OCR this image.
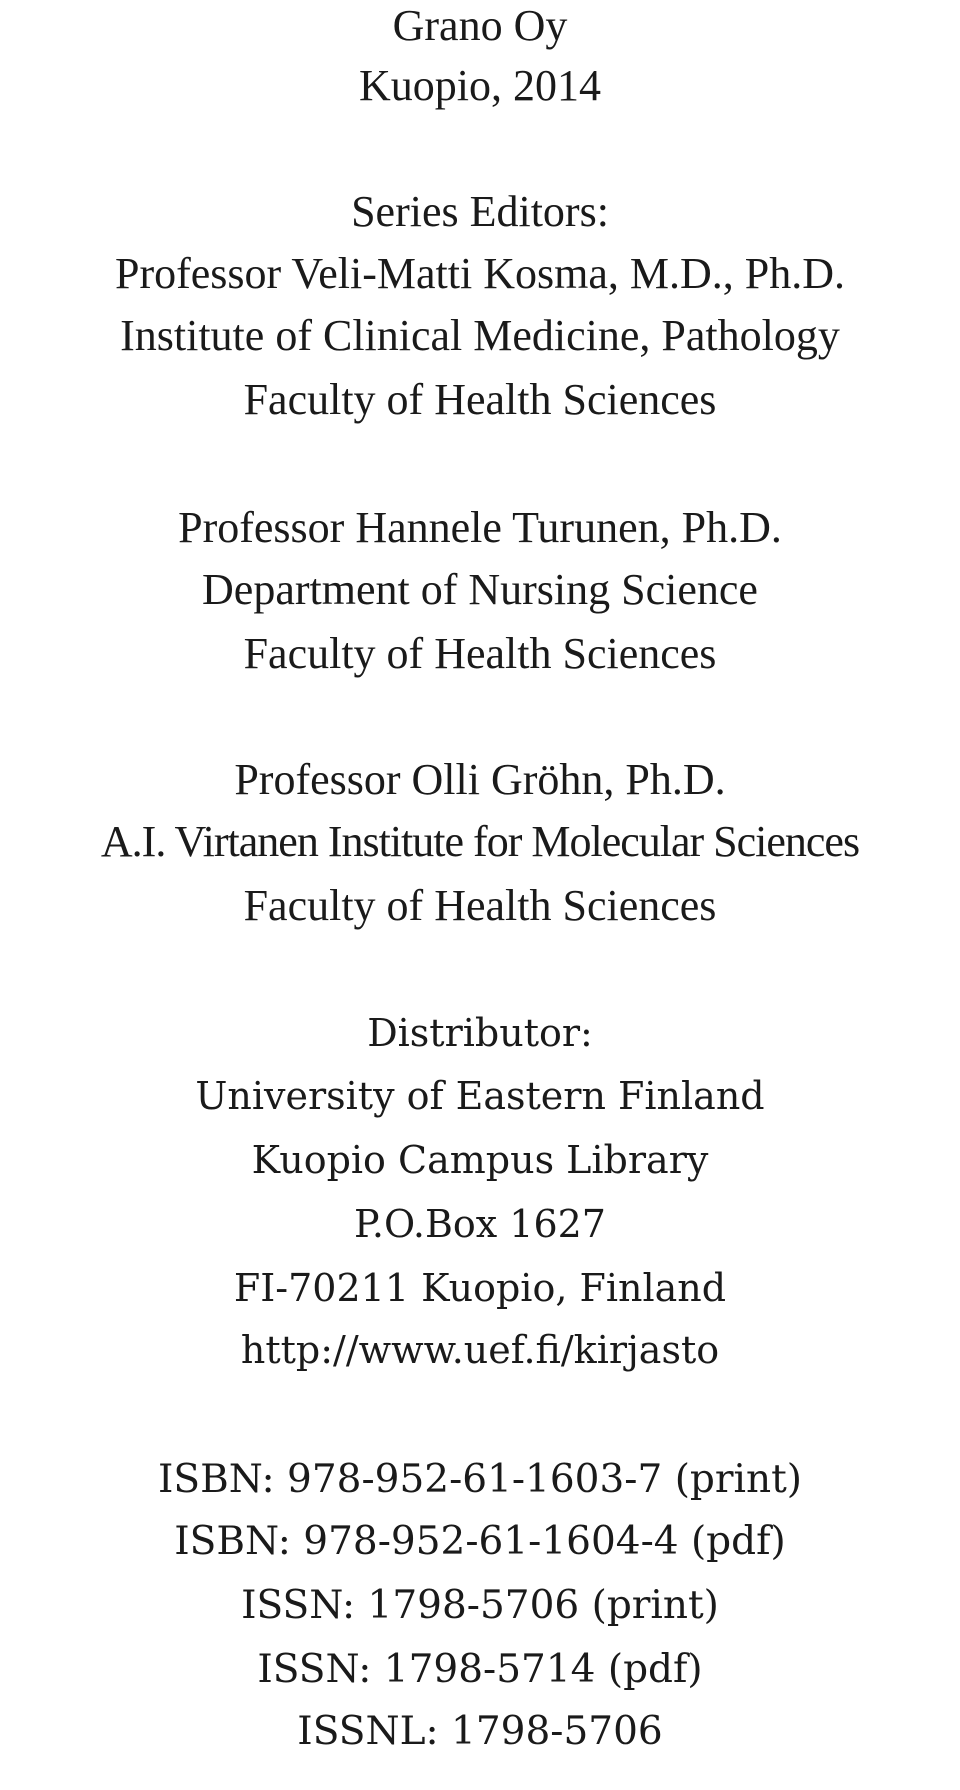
Grano Oy
Kuopio, 2014
Series Editors:
Professor Veli-Matti Kosma, M.D., Ph.D.
Institute of Clinical Medicine, Pathology
Faculty of Health Sciences
Professor Hannele Turunen, Ph.D.
Department of Nursing Science
Faculty of Health Sciences
Professor Olli Gröhn, Ph.D.
A.I. Virtanen Institute for Molecular Sciences
Faculty of Health Sciences
Distributor:
University of Eastern Finland
Kuopio Campus Library
P.O.Box 1627
FI-70211 Kuopio, Finland
http://www.uef.fi/kirjasto
ISBN: 978-952-61-1603-7 (print)
ISBN: 978-952-61-1604-4 (pdf)
ISSN: 1798-5706 (print)
ISSN: 1798-5714 (pdf)
ISSNL: 1798-5706
